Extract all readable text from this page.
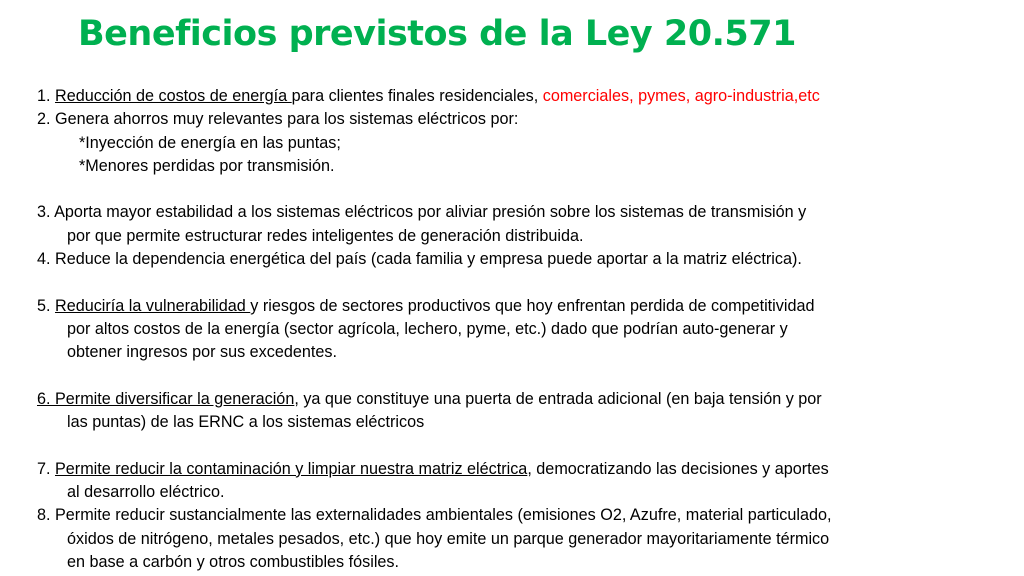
Beneficios previstos de la Ley 20.571
1. Reducción de costos de energía para clientes finales residenciales, comerciales, pymes, agro-industria,etc
2. Genera ahorros muy relevantes para los sistemas eléctricos por:
*Inyección de energía en las puntas;
*Menores perdidas por transmisión.
3. Aporta mayor estabilidad a los sistemas eléctricos por aliviar presión sobre los sistemas de transmisión y
por que permite estructurar redes inteligentes de generación distribuida.
4. Reduce la dependencia energética del país (cada familia y empresa puede aportar a la matriz eléctrica).
5. Reduciría la vulnerabilidad y riesgos de sectores productivos que hoy enfrentan perdida de competitividad
por altos costos de la energía (sector agrícola, lechero, pyme, etc.) dado que podrían auto-generar y
obtener ingresos por sus excedentes.
6. Permite diversificar la generación, ya que constituye una puerta de entrada adicional (en baja tensión y por
las puntas) de las ERNC a los sistemas eléctricos
7. Permite reducir la contaminación y limpiar nuestra matriz eléctrica, democratizando las decisiones y aportes
al desarrollo eléctrico.
8. Permite reducir sustancialmente las externalidades ambientales (emisiones O2, Azufre, material particulado,
óxidos de nitrógeno, metales pesados, etc.) que hoy emite un parque generador mayoritariamente térmico
en base a carbón y otros combustibles fósiles.
